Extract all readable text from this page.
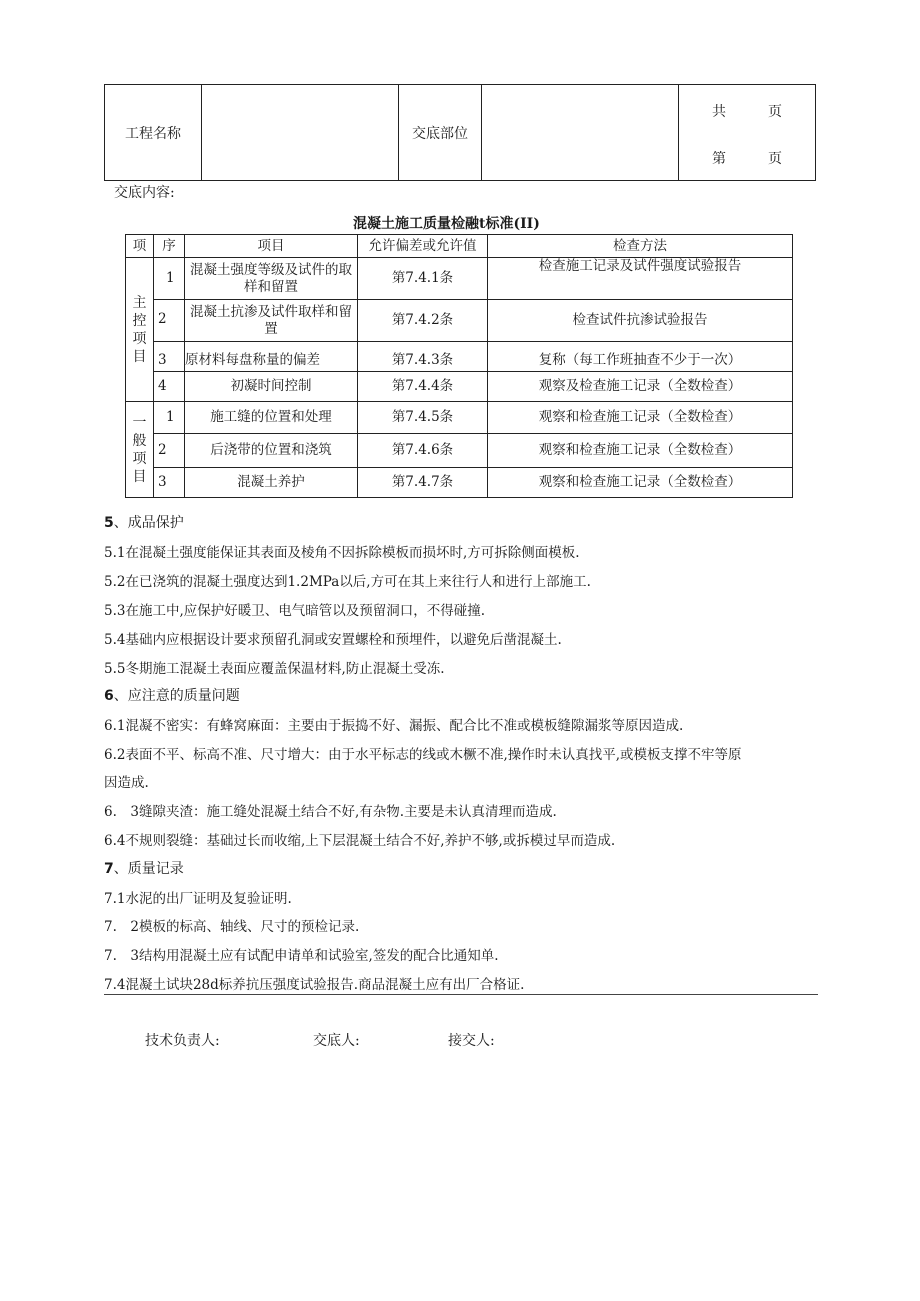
工程名称		交底部位		
共	页
第	页
交底内容:
混凝土施工质量检融t标准(II)
项	序	项目	允许偏差或允许值	检查方法
主控项目	1	混凝土强度等级及试件的取样和留置	第7.4.1条	检查施工记录及试件强度试验报告
	2	混凝土抗渗及试件取样和留置	第7.4.2条	检查试件抗渗试验报告
	3	原材料每盘称量的偏差	第7.4.3条	复称（每工作班抽查不少于一次）
	4	初凝时间控制	第7.4.4条	观察及检查施工记录（全数检查）
一般项目	1	施工缝的位置和处理	第7.4.5条	观察和检查施工记录（全数检查）
	2	后浇带的位置和浇筑	第7.4.6条	观察和检查施工记录（全数检查）
	3	混凝土养护	第7.4.7条	观察和检查施工记录（全数检查）
5、成品保护
5.1在混凝土强度能保证其表面及棱角不因拆除模板而损坏时,方可拆除侧面模板.
5.2在已浇筑的混凝土强度达到1.2MPa以后,方可在其上来往行人和进行上部施工.
5.3在施工中,应保护好暖卫、电气暗管以及预留洞口，不得碰撞.
5.4基础内应根据设计要求预留孔洞或安置螺栓和预埋件，以避免后凿混凝土.
5.5冬期施工混凝土表面应覆盖保温材料,防止混凝土受冻.
6、应注意的质量问题
6.1混凝不密实：有蜂窝麻面：主要由于振捣不好、漏振、配合比不准或模板缝隙漏浆等原因造成.
6.2表面不平、标高不准、尺寸增大：由于水平标志的线或木橛不准,操作时未认真找平,或模板支撑不牢等原
因造成.
6.　3缝隙夹渣：施工缝处混凝土结合不好,有杂物.主要是未认真清理而造成.
6.4不规则裂缝：基础过长而收缩,上下层混凝土结合不好,养护不够,或拆模过早而造成.
7、质量记录
7.1水泥的出厂证明及复验证明.
7.　2模板的标高、轴线、尺寸的预检记录.
7.　3结构用混凝土应有试配申请单和试验室,签发的配合比通知单.
7.4混凝土试块28d标养抗压强度试验报告.商品混凝土应有出厂合格证.
技术负责人:	交底人:	接交人:
